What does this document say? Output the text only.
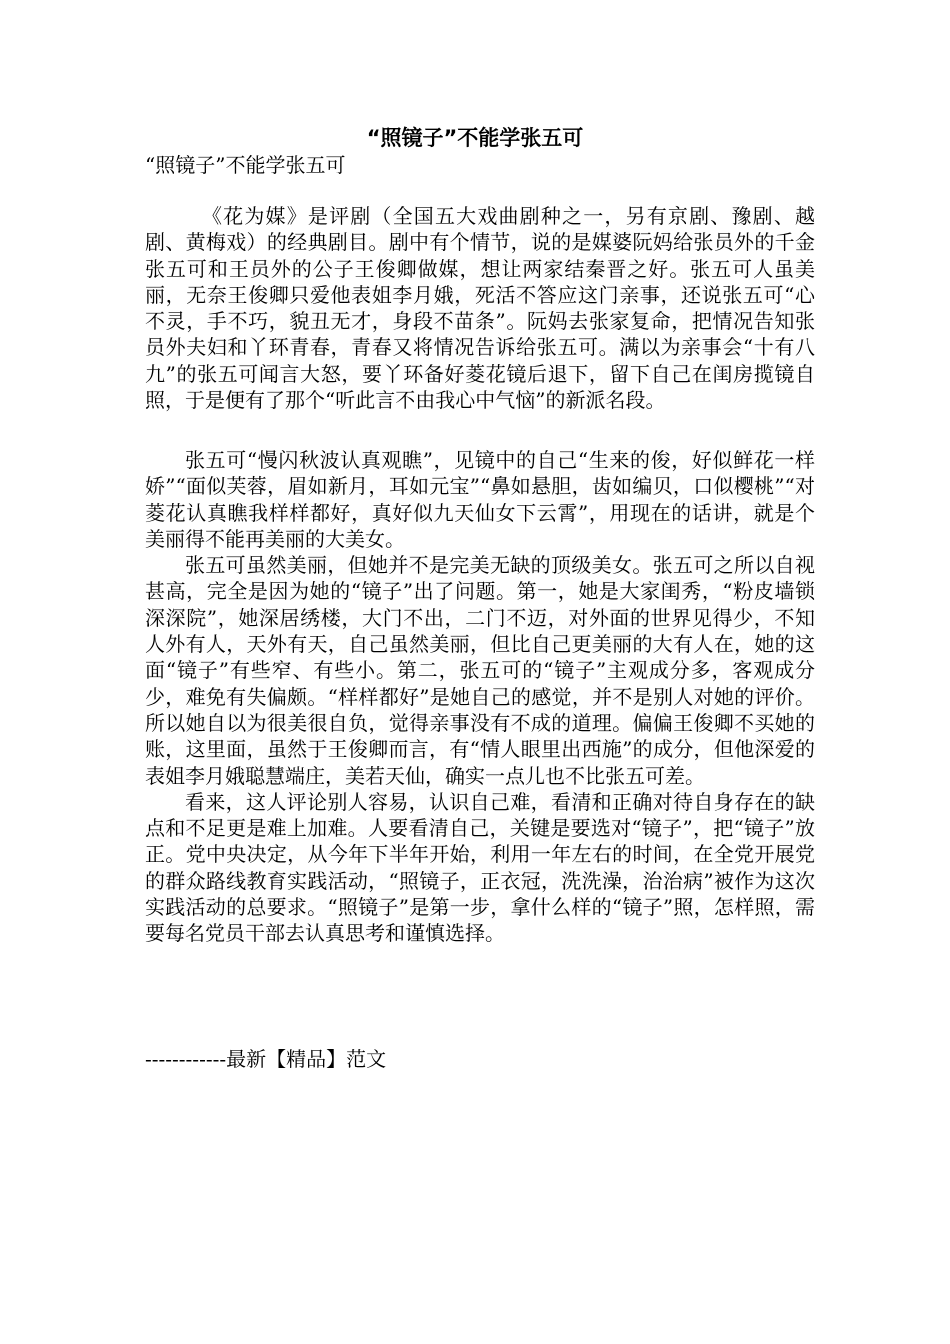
“照镜子”不能学张五可
“照镜子”不能学张五可

《花为媒》是评剧（全国五大戏曲剧种之一，另有京剧、豫剧、越剧、黄梅戏）的经典剧目。剧中有个情节，说的是媒婆阮妈给张员外的千金张五可和王员外的公子王俊卿做媒，想让两家结秦晋之好。张五可人虽美丽，无奈王俊卿只爱他表姐李月娥，死活不答应这门亲事，还说张五可“心不灵，手不巧，貌丑无才，身段不苗条”。阮妈去张家复命，把情况告知张员外夫妇和丫环青春，青春又将情况告诉给张五可。满以为亲事会“十有八九”的张五可闻言大怒，要丫环备好菱花镜后退下，留下自己在闺房揽镜自照，于是便有了那个“听此言不由我心中气恼”的新派名段。

张五可“慢闪秋波认真观瞧”，见镜中的自己“生来的俊，好似鲜花一样娇”“面似芙蓉，眉如新月，耳如元宝”“鼻如悬胆，齿如编贝，口似樱桃”“对菱花认真瞧我样样都好，真好似九天仙女下云霄”，用现在的话讲，就是个美丽得不能再美丽的大美女。

张五可虽然美丽，但她并不是完美无缺的顶级美女。张五可之所以自视甚高，完全是因为她的“镜子”出了问题。第一，她是大家闺秀，“粉皮墙锁深深院”，她深居绣楼，大门不出，二门不迈，对外面的世界见得少，不知人外有人，天外有天，自己虽然美丽，但比自己更美丽的大有人在，她的这面“镜子”有些窄、有些小。第二，张五可的“镜子”主观成分多，客观成分少，难免有失偏颇。“样样都好”是她自己的感觉，并不是别人对她的评价。所以她自以为很美很自负，觉得亲事没有不成的道理。偏偏王俊卿不买她的账，这里面，虽然于王俊卿而言，有“情人眼里出西施”的成分，但他深爱的表姐李月娥聪慧端庄，美若天仙，确实一点儿也不比张五可差。

看来，这人评论别人容易，认识自己难，看清和正确对待自身存在的缺点和不足更是难上加难。人要看清自己，关键是要选对“镜子”，把“镜子”放正。党中央决定，从今年下半年开始，利用一年左右的时间，在全党开展党的群众路线教育实践活动，“照镜子，正衣冠，洗洗澡，治治病”被作为这次实践活动的总要求。“照镜子”是第一步，拿什么样的“镜子”照，怎样照，需要每名党员干部去认真思考和谨慎选择。

------------最新【精品】范文
